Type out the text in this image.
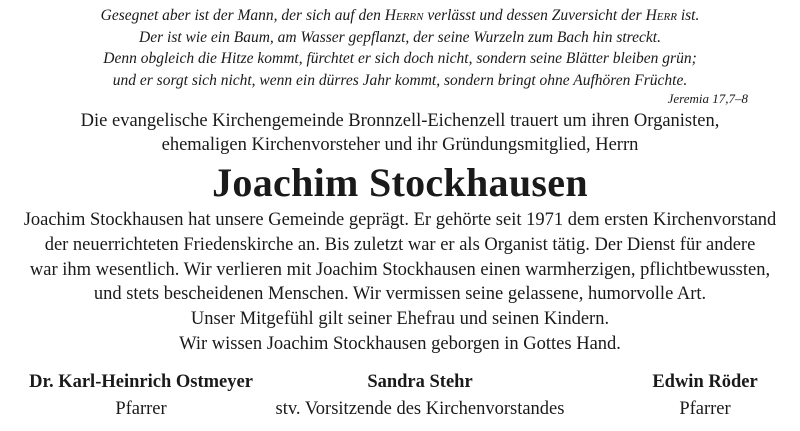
Gesegnet aber ist der Mann, der sich auf den Herrn verlässt und dessen Zuversicht der Herr ist.
Der ist wie ein Baum, am Wasser gepflanzt, der seine Wurzeln zum Bach hin streckt.
Denn obgleich die Hitze kommt, fürchtet er sich doch nicht, sondern seine Blätter bleiben grün;
und er sorgt sich nicht, wenn ein dürres Jahr kommt, sondern bringt ohne Aufhören Früchte.
Jeremia 17,7–8
Die evangelische Kirchengemeinde Bronnzell-Eichenzell trauert um ihren Organisten,
ehemaligen Kirchenvorsteher und ihr Gründungsmitglied, Herrn
Joachim Stockhausen
Joachim Stockhausen hat unsere Gemeinde geprägt. Er gehörte seit 1971 dem ersten Kirchenvorstand
der neuerrichteten Friedenskirche an. Bis zuletzt war er als Organist tätig. Der Dienst für andere
war ihm wesentlich. Wir verlieren mit Joachim Stockhausen einen warmherzigen, pflichtbewussten,
und stets bescheidenen Menschen. Wir vermissen seine gelassene, humorvolle Art.
Unser Mitgefühl gilt seiner Ehefrau und seinen Kindern.
Wir wissen Joachim Stockhausen geborgen in Gottes Hand.
Dr. Karl-Heinrich Ostmeyer
Pfarrer
Sandra Stehr
stv. Vorsitzende des Kirchenvorstandes
Edwin Röder
Pfarrer
